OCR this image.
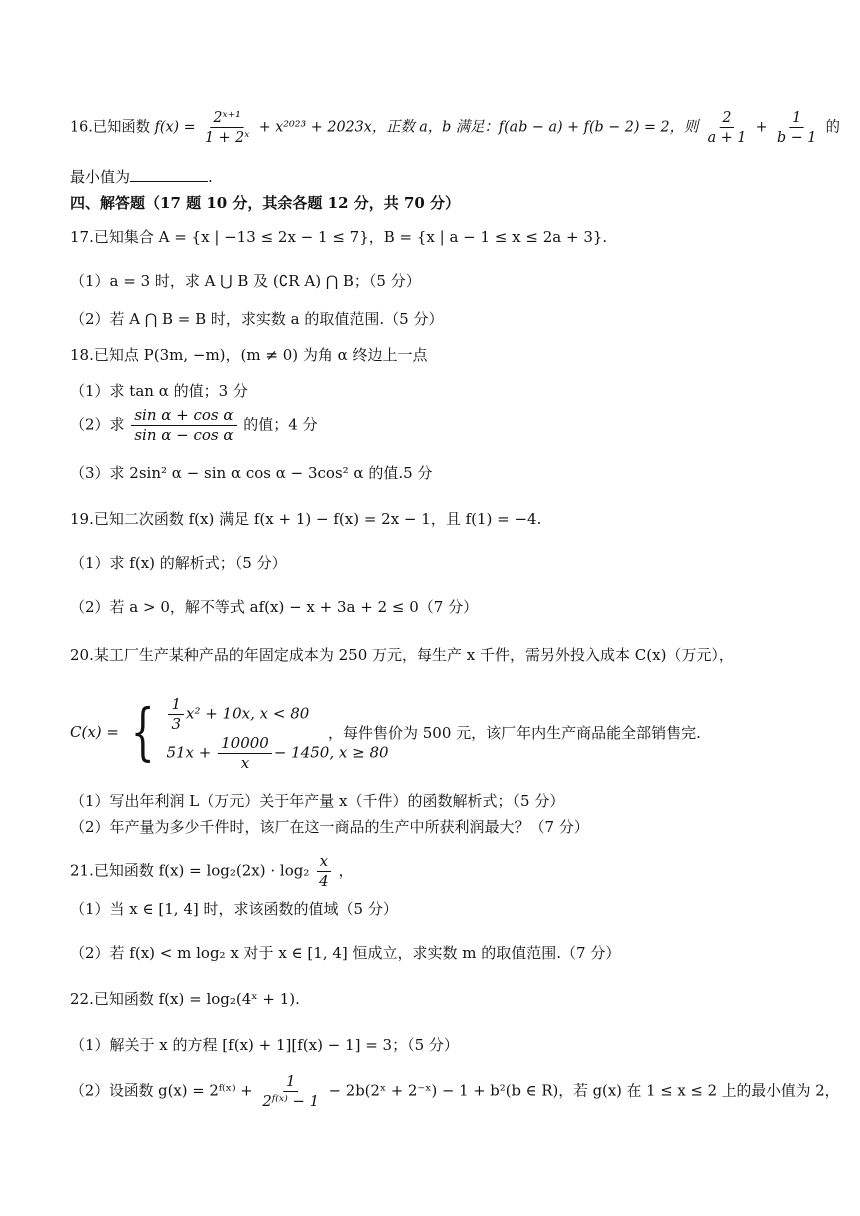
16.已知函数 $f(x) = \frac{\text{2ˣ⁺¹}}{\text{1 + 2ˣ}} + x^{2023} + 2023x$，正数 a，b 满足：f(ab − a) + f(b − 2) = 2，则 $\frac{2}{a + 1} + \frac{1}{b - 1}$ 的
最小值为	.
四、解答题（17 题 10 分，其余各题 12 分，共 70 分）
17.已知集合 A = {x | −13 ≤ 2x − 1 ≤ 7}，B = {x | a − 1 ≤ x ≤ 2a + 3}.
（1）a = 3 时，求 A ⋃ B 及 (∁R A) ⋂ B；（5 分）
（2）若 A ⋂ B = B 时，求实数 a 的取值范围.（5 分）
18.已知点 P(3m, −m)，(m ≠ 0) 为角 α 终边上一点
（1）求 tan α 的值；3 分
（2）求 $\frac{\text{sin α + cos α}}{\text{sin α − cos α}}$ 的值；4 分
（3）求 2sin² α − sin α cos α − 3cos² α 的值.5 分
19.已知二次函数 f(x) 满足 f(x + 1) − f(x) = 2x − 1，且 f(1) = −4.
（1）求 f(x) 的解析式；（5 分）
（2）若 a > 0，解不等式 af(x) − x + 3a + 2 ≤ 0（7 分）
20.某工厂生产某种产品的年固定成本为 250 万元，每生产 x 千件，需另外投入成本 C(x)（万元），
C(x) = { $\frac{1}{3} x^2 + 10x$, x < 80
$51x + \frac{10000}{x} - 1450$, x ≥ 80
，每件售价为 500 元，该厂年内生产商品能全部销售完.
（1）写出年利润 L（万元）关于年产量 x（千件）的函数解析式；（5 分）
（2）年产量为多少千件时，该厂在这一商品的生产中所获利润最大？（7 分）
21.已知函数 $f(x) = \log_2(2x) \cdot \log_2 \frac{x}{4}$ ，
（1）当 x ∈ [1, 4] 时，求该函数的值域（5 分）
（2）若 f(x) < m log₂ x 对于 x ∈ [1, 4] 恒成立，求实数 m 的取值范围.（7 分）
22.已知函数 f(x) = log₂(4ˣ + 1).
（1）解关于 x 的方程 [f(x) + 1][f(x) − 1] = 3；（5 分）
（2）设函数 g(x) = 2ᶠ⁽ˣ⁾ + $\frac{1}{\text{2ᶠ⁽ˣ⁾ − 1}}$ − 2b(2ˣ + 2⁻ˣ) − 1 + b²(b ∈ R)，若 g(x) 在 1 ≤ x ≤ 2 上的最小值为 2，
